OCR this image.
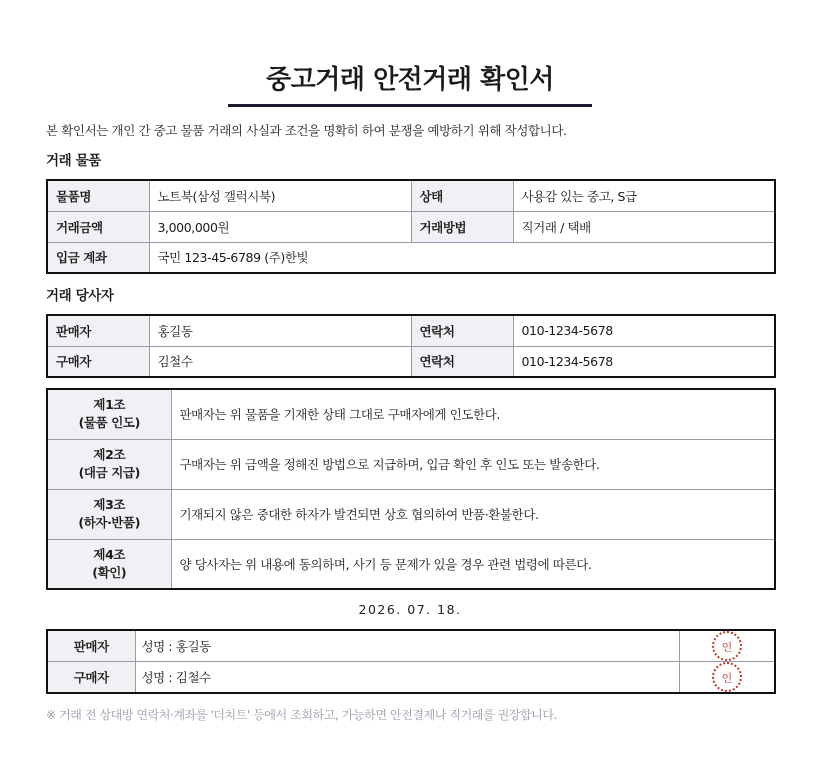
중고거래 안전거래 확인서
본 확인서는 개인 간 중고 물품 거래의 사실과 조건을 명확히 하여 분쟁을 예방하기 위해 작성합니다.
거래 물품
물품명	노트북(삼성 갤럭시북)	상태	사용감 있는 중고, S급
거래금액	3,000,000원	거래방법	직거래 / 택배
입금 계좌	국민 123-45-6789 (주)한빛		
거래 당사자
판매자	홍길동	연락처	010-1234-5678
구매자	김철수	연락처	010-1234-5678
제1조
(물품 인도)	판매자는 위 물품을 기재한 상태 그대로 구매자에게 인도한다.

제2조
(대금 지급)	구매자는 위 금액을 정해진 방법으로 지급하며, 입금 확인 후 인도 또는 발송한다.

제3조
(하자·반품)	기재되지 않은 중대한 하자가 발견되면 상호 협의하여 반품·환불한다.

제4조
(확인)	양 당사자는 위 내용에 동의하며, 사기 등 문제가 있을 경우 관련 법령에 따른다.
2026. 07. 18.
판매자	성명 : 홍길동	인
구매자	성명 : 김철수	인
※ 거래 전 상대방 연락처·계좌를 '더치트' 등에서 조회하고, 가능하면 안전결제나 직거래를 권장합니다.
